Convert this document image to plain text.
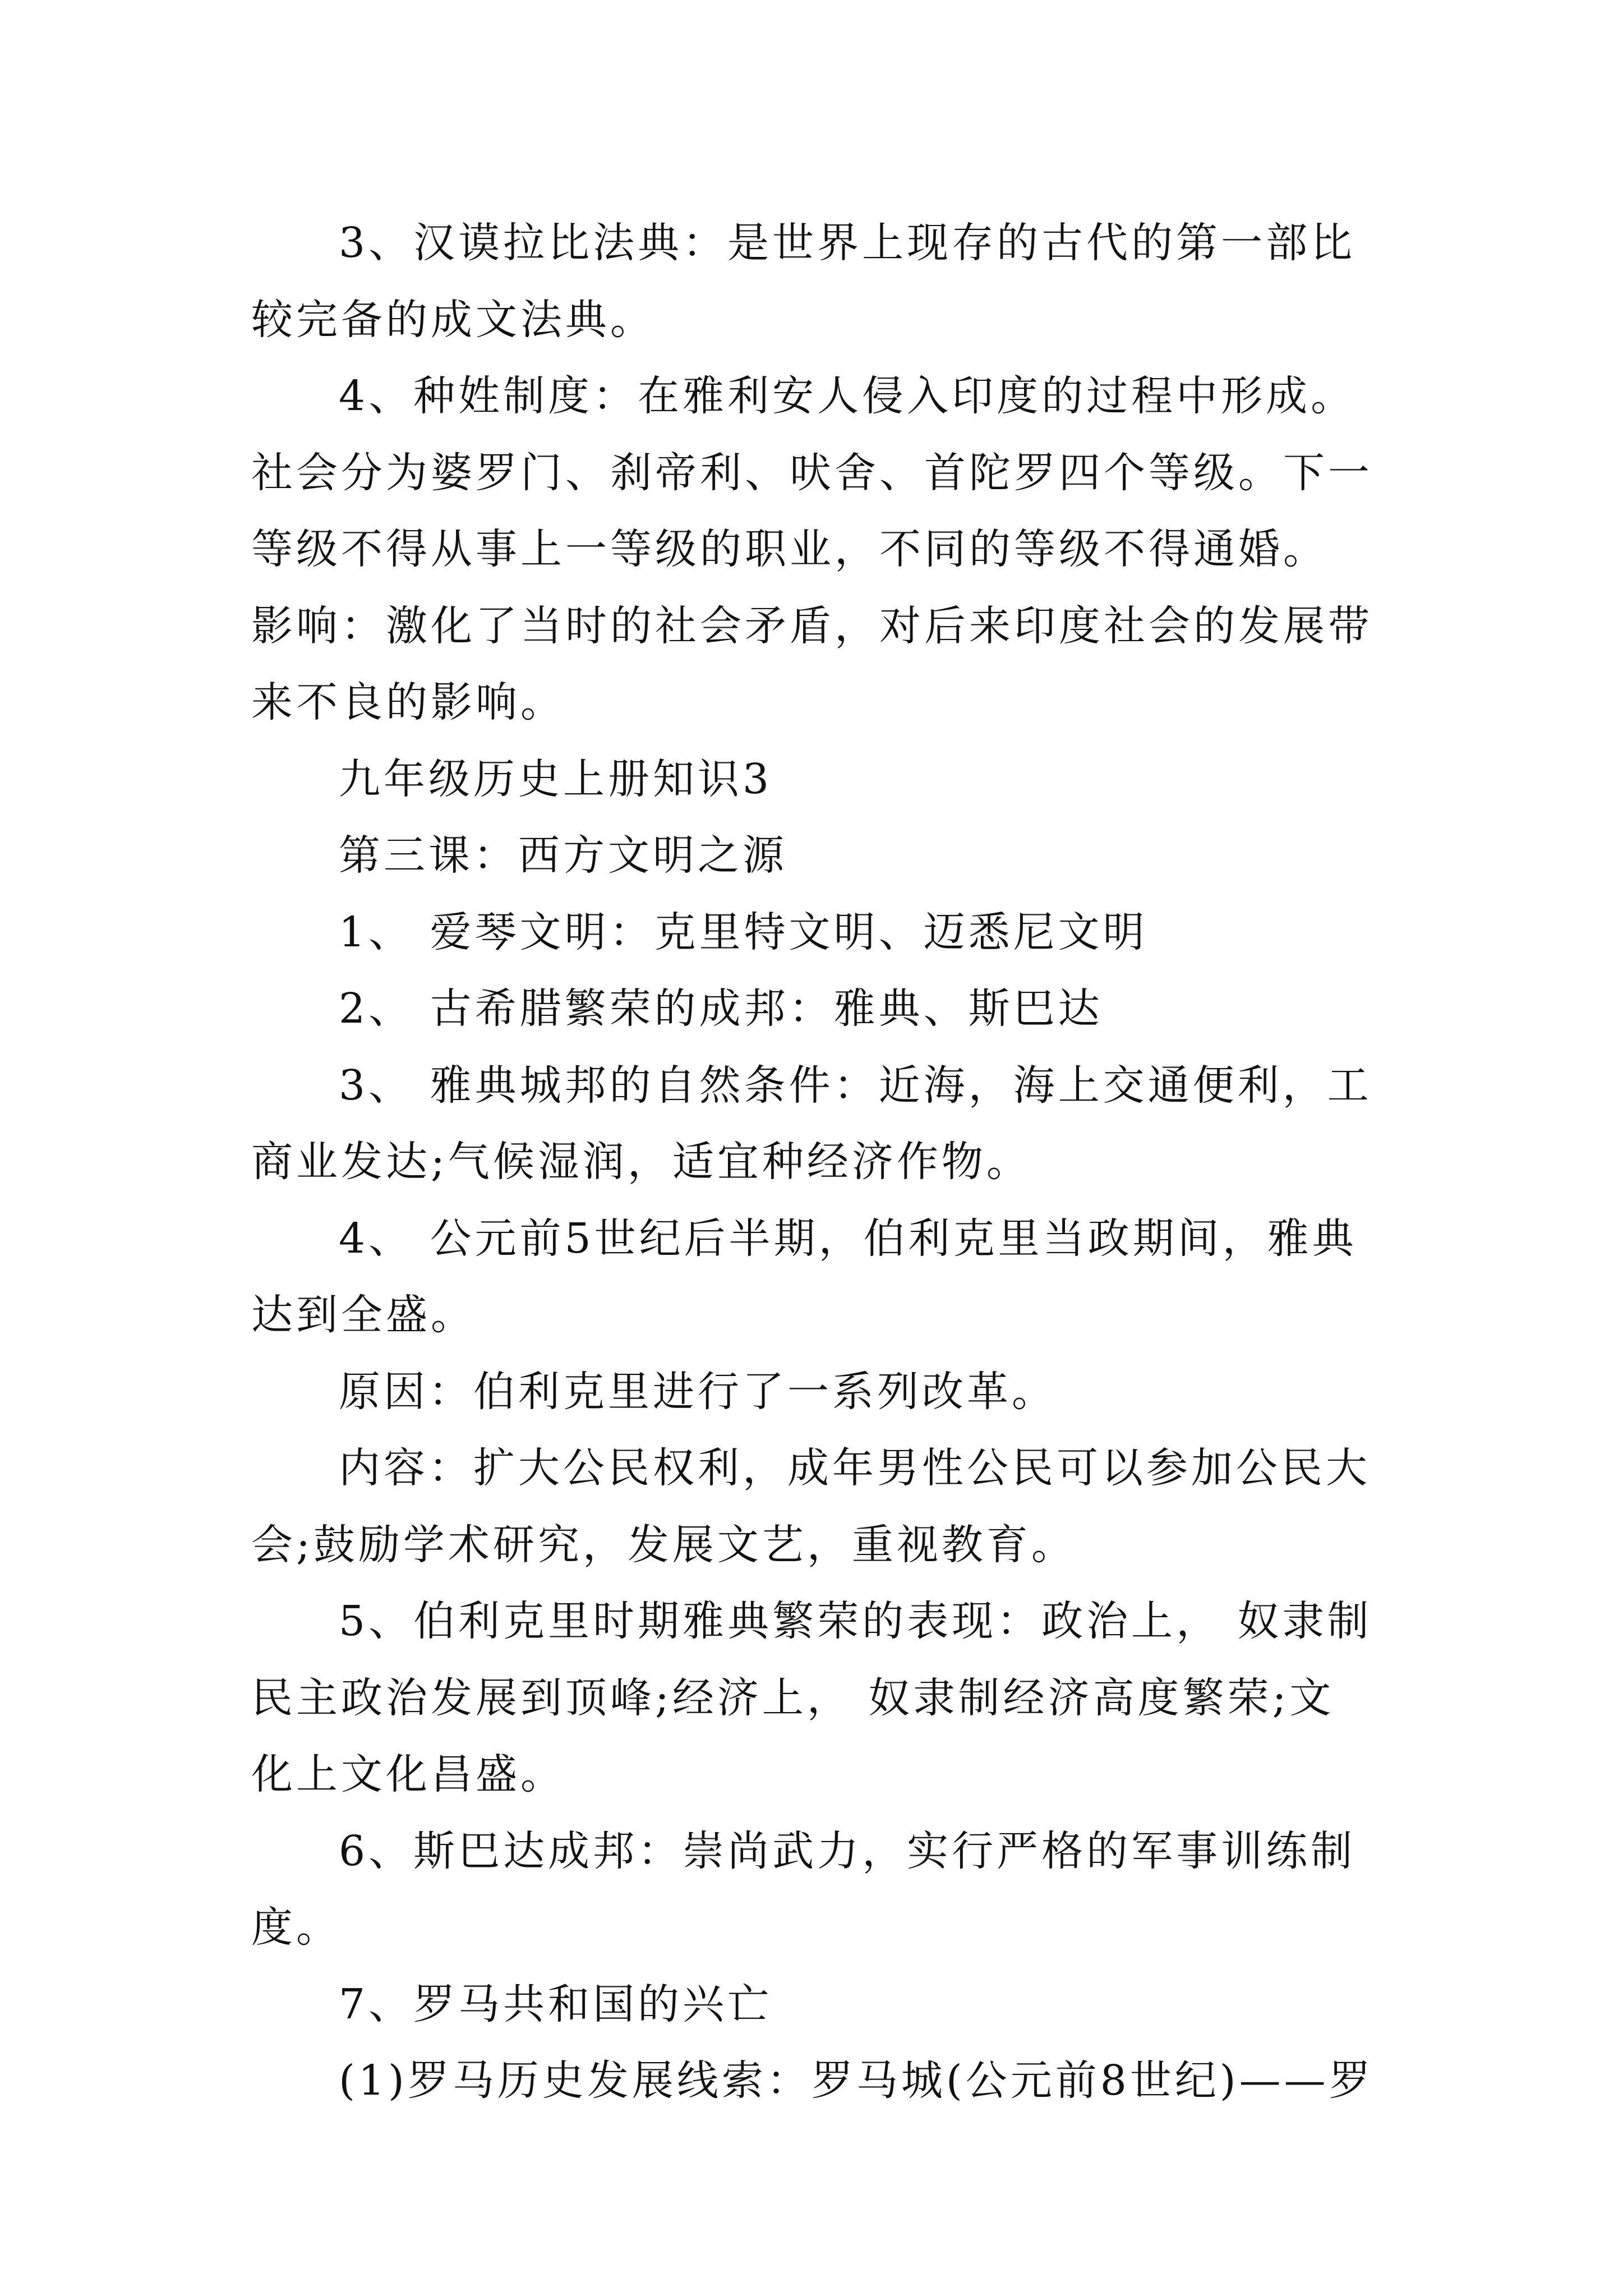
3、汉谟拉比法典：是世界上现存的古代的第一部比较完备的成文法典。

4、种姓制度：在雅利安人侵入印度的过程中形成。社会分为婆罗门、刹帝利、吠舍、首陀罗四个等级。下一等级不得从事上一等级的职业，不同的等级不得通婚。 影响：激化了当时的社会矛盾，对后来印度社会的发展带来不良的影响。

九年级历史上册知识3

第三课：西方文明之源

1、 爱琴文明：克里特文明、迈悉尼文明

2、 古希腊繁荣的成邦：雅典、斯巴达

3、 雅典城邦的自然条件：近海，海上交通便利，工商业发达;气候湿润，适宜种经济作物。

4、 公元前5世纪后半期，伯利克里当政期间，雅典达到全盛。

原因：伯利克里进行了一系列改革。

内容：扩大公民权利，成年男性公民可以参加公民大会;鼓励学术研究，发展文艺，重视教育。

5、伯利克里时期雅典繁荣的表现：政治上， 奴隶制民主政治发展到顶峰;经济上， 奴隶制经济高度繁荣;文化上文化昌盛。

6、斯巴达成邦：崇尚武力，实行严格的军事训练制度。

7、罗马共和国的兴亡

(1)罗马历史发展线索：罗马城(公元前8世纪)——罗
